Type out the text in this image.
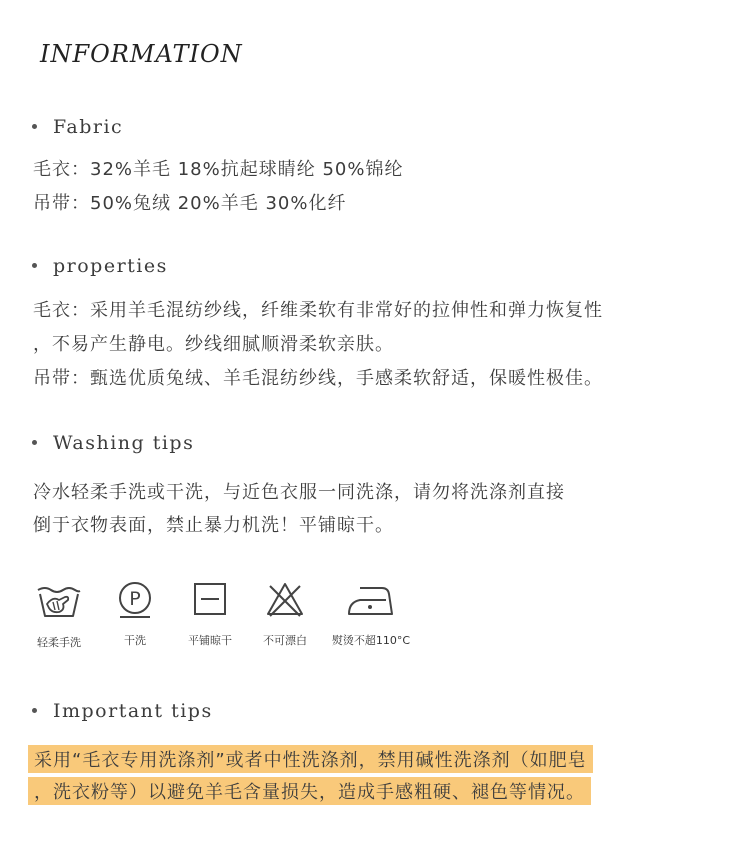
INFORMATION
Fabric
毛衣：32%羊毛 18%抗起球睛纶 50%锦纶
吊带：50%兔绒 20%羊毛 30%化纤
properties
毛衣：采用羊毛混纺纱线，纤维柔软有非常好的拉伸性和弹力恢复性
，不易产生静电。纱线细腻顺滑柔软亲肤。
吊带：甄选优质兔绒、羊毛混纺纱线，手感柔软舒适，保暖性极佳。
Washing tips
冷水轻柔手洗或干洗，与近色衣服一同洗涤，请勿将洗涤剂直接
倒于衣物表面，禁止暴力机洗！平铺晾干。
轻柔手洗
P
干洗	平铺晾干	不可漂白	熨烫不超110°C
Important tips
采用“毛衣专用洗涤剂”或者中性洗涤剂，禁用碱性洗涤剂（如肥皂
，洗衣粉等）以避免羊毛含量损失，造成手感粗硬、褪色等情况。
